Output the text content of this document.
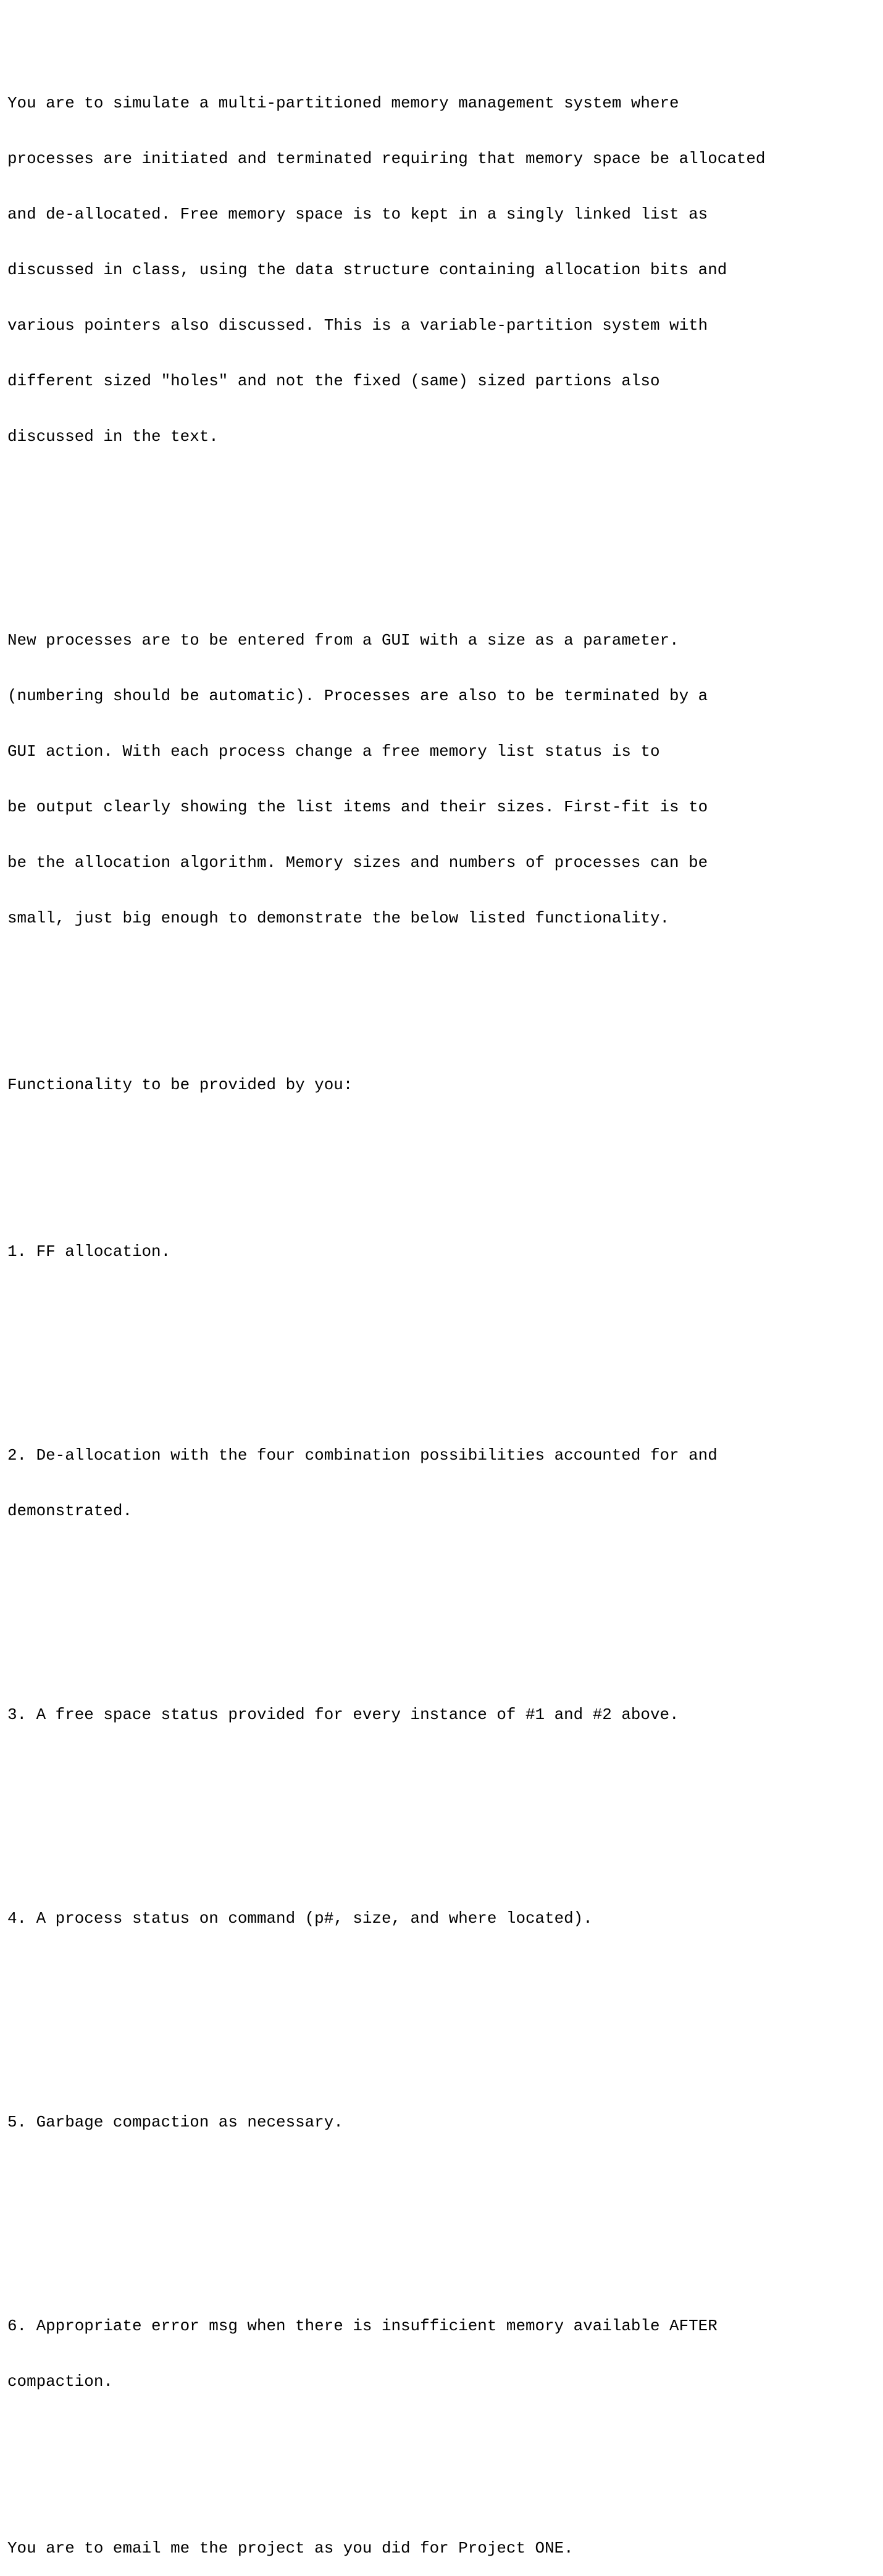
You are to simulate a multi-partitioned memory management system where

processes are initiated and terminated requiring that memory space be allocated

and de-allocated. Free memory space is to kept in a singly linked list as

discussed in class, using the data structure containing allocation bits and

various pointers also discussed. This is a variable-partition system with

different sized "holes" and not the fixed (same) sized partions also

discussed in the text.

New processes are to be entered from a GUI with a size as a parameter.

(numbering should be automatic). Processes are also to be terminated by a

GUI action. With each process change a free memory list status is to

be output clearly showing the list items and their sizes. First-fit is to

be the allocation algorithm. Memory sizes and numbers of processes can be

small, just big enough to demonstrate the below listed functionality.

Functionality to be provided by you:

1. FF allocation.

2. De-allocation with the four combination possibilities accounted for and

demonstrated.

3. A free space status provided for every instance of #1 and #2 above.

4. A process status on command (p#, size, and where located).

5. Garbage compaction as necessary.

6. Appropriate error msg when there is insufficient memory available AFTER

compaction.

You are to email me the project as you did for Project ONE.
